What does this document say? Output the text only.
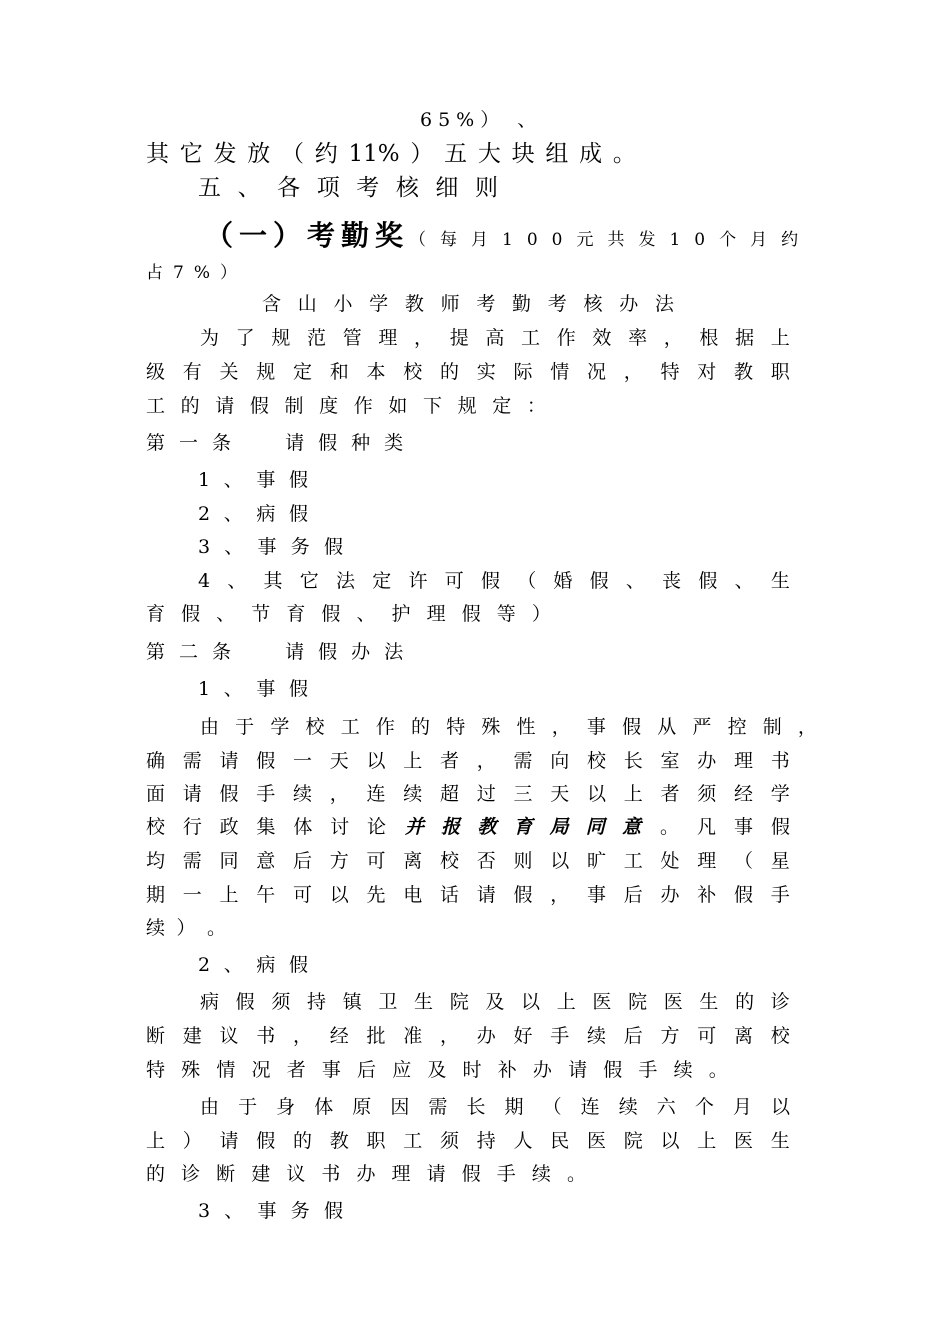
65%） 、
其 它 发 放 （ 约 11% ） 五 大 块 组 成 。
五 、 各 项 考 核 细 则
（一）考勤奖 （每月100元共发10个月约
占7%）
含 山 小 学 教 师 考 勤 考 核 办 法
为 了 规 范 管 理 ， 提 高 工 作 效 率 ， 根 据 上
级 有 关 规 定 和 本 校 的 实 际 情 况 ， 特 对 教 职
工 的 请 假 制 度 作 如 下 规 定 ：
第一条  请假种类
1 、 事 假
2 、 病 假
3 、 事 务 假
4 、 其 它 法 定 许 可 假 （ 婚 假 、 丧 假 、 生
育 假 、 节 育 假 、 护 理 假 等 ）
第二条  请假办法
1 、 事 假
由 于 学 校 工 作 的 特 殊 性 ， 事 假 从 严 控 制 ，
确 需 请 假 一 天 以 上 者 ， 需 向 校 长 室 办 理 书
面 请 假 手 续 ， 连 续 超 过 三 天 以 上 者 须 经 学
校 行 政 集 体 讨 论 并 报 教 育 局 同 意 。 凡 事 假
均 需 同 意 后 方 可 离 校 否 则 以 旷 工 处 理 （ 星
期 一 上 午 可 以 先 电 话 请 假 ， 事 后 办 补 假 手
续 ） 。
2 、 病 假
病 假 须 持 镇 卫 生 院 及 以 上 医 院 医 生 的 诊
断 建 议 书 ， 经 批 准 ， 办 好 手 续 后 方 可 离 校
特 殊 情 况 者 事 后 应 及 时 补 办 请 假 手 续 。
由 于 身 体 原 因 需 长 期 （ 连 续 六 个 月 以
上 ） 请 假 的 教 职 工 须 持 人 民 医 院 以 上 医 生
的 诊 断 建 议 书 办 理 请 假 手 续 。
3 、 事 务 假
